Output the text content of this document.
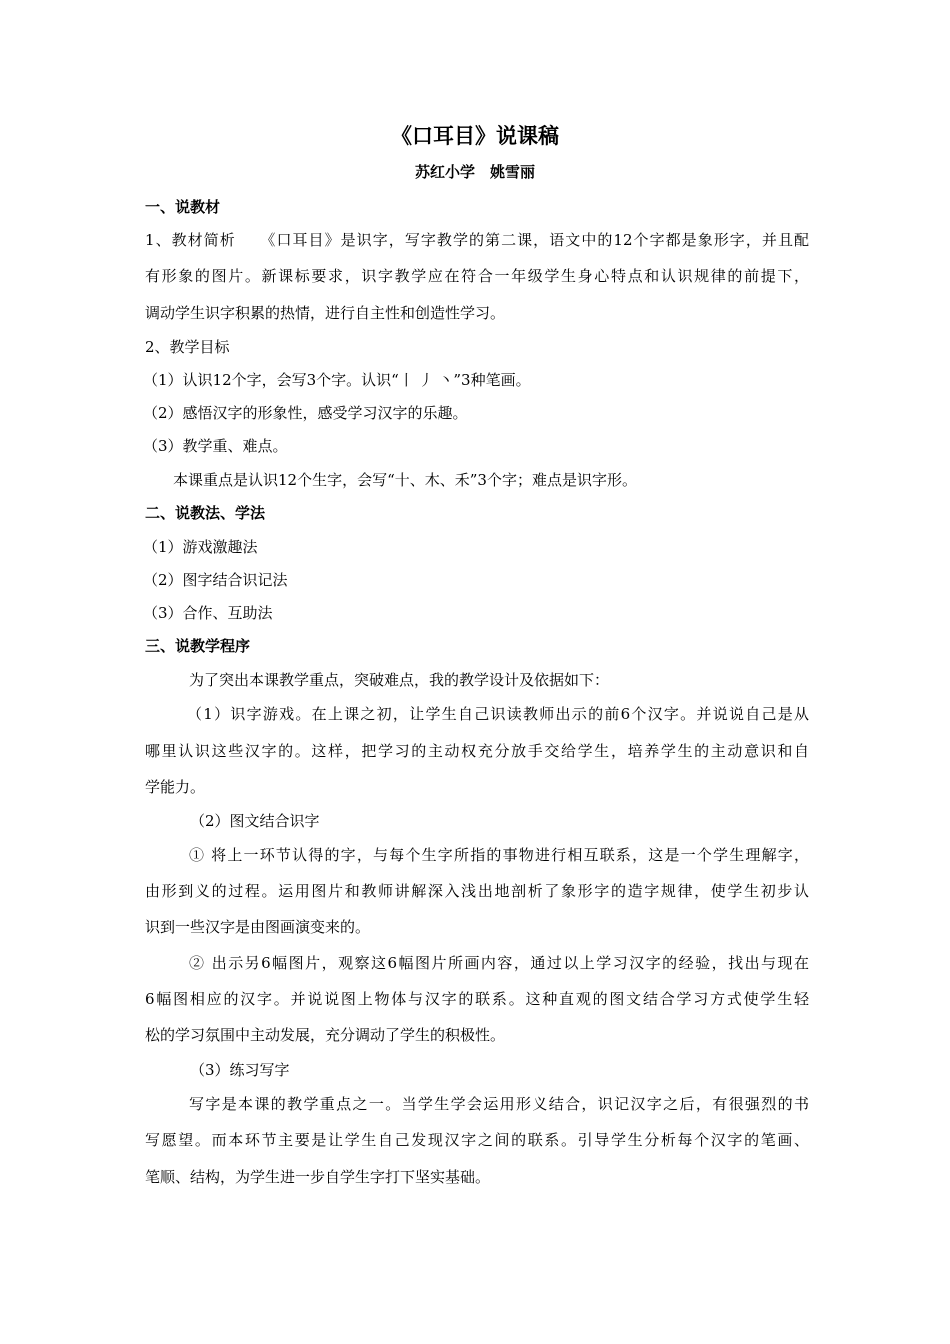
《口耳目》说课稿
苏红小学　姚雪丽
一、说教材
1、教材简析　　《口耳目》是识字，写字教学的第二课，语文中的12个字都是象形字，并且配
有形象的图片。新课标要求，识字教学应在符合一年级学生身心特点和认识规律的前提下，
调动学生识字积累的热情，进行自主性和创造性学习。
2、教学目标
（1）认识12个字，会写3个字。认识“丨 丿 丶”3种笔画。
（2）感悟汉字的形象性，感受学习汉字的乐趣。
（3）教学重、难点。
本课重点是认识12个生字，会写“十、木、禾”3个字；难点是识字形。
二、说教法、学法
（1）游戏激趣法
（2）图字结合识记法
（3）合作、互助法
三、说教学程序
为了突出本课教学重点，突破难点，我的教学设计及依据如下：
（1）识字游戏。在上课之初，让学生自己识读教师出示的前6个汉字。并说说自己是从
哪里认识这些汉字的。这样，把学习的主动权充分放手交给学生，培养学生的主动意识和自
学能力。
（2）图文结合识字
① 将上一环节认得的字，与每个生字所指的事物进行相互联系，这是一个学生理解字，
由形到义的过程。运用图片和教师讲解深入浅出地剖析了象形字的造字规律，使学生初步认
识到一些汉字是由图画演变来的。
② 出示另6幅图片，观察这6幅图片所画内容，通过以上学习汉字的经验，找出与现在
6幅图相应的汉字。并说说图上物体与汉字的联系。这种直观的图文结合学习方式使学生轻
松的学习氛围中主动发展，充分调动了学生的积极性。
（3）练习写字
写字是本课的教学重点之一。当学生学会运用形义结合，识记汉字之后，有很强烈的书
写愿望。而本环节主要是让学生自己发现汉字之间的联系。引导学生分析每个汉字的笔画、
笔顺、结构，为学生进一步自学生字打下坚实基础。
